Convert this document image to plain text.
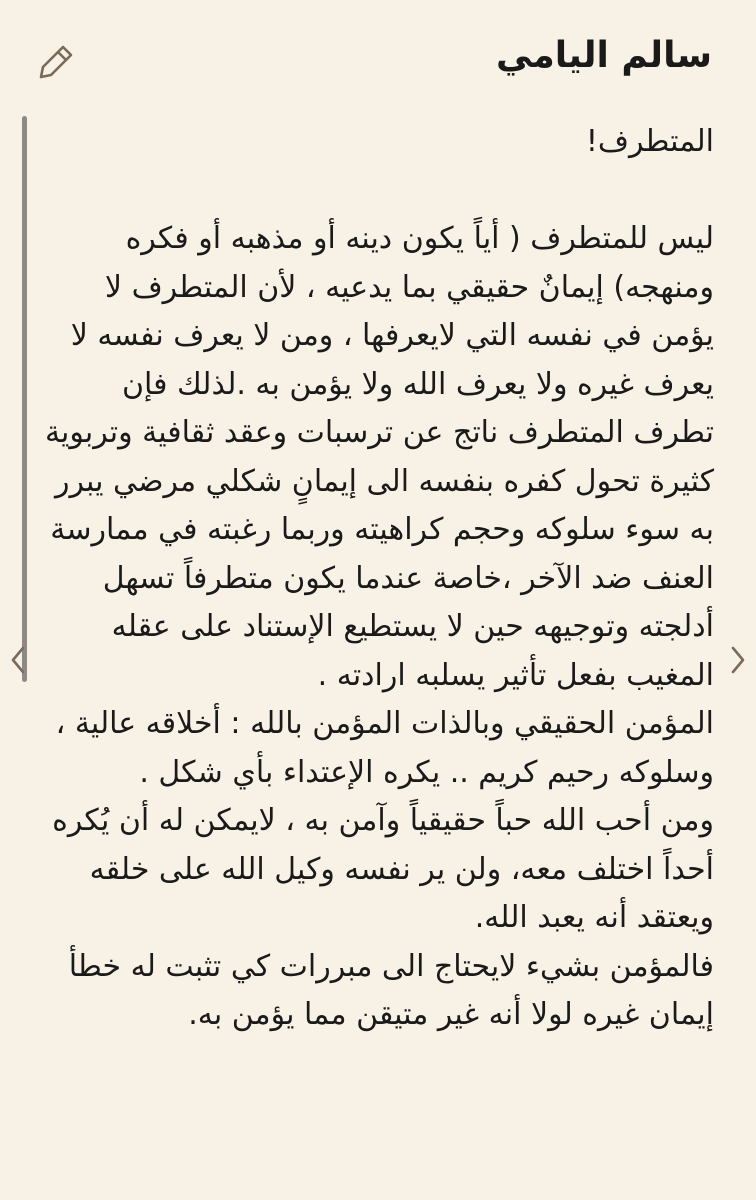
سالم اليامي

المتطرف!

ليس للمتطرف ( أياً يكون دينه أو مذهبه أو فكره ومنهجه) إيمانٌ حقيقي بما يدعيه ، لأن المتطرف لا يؤمن في نفسه التي لايعرفها ، ومن لا يعرف نفسه لا يعرف غيره ولا يعرف الله ولا يؤمن به .لذلك فإن تطرف المتطرف ناتج عن ترسبات وعقد ثقافية وتربوية كثيرة تحول كفره بنفسه الى إيمانٍ شكلي مرضي يبرر به سوء سلوكه وحجم كراهيته وربما رغبته في ممارسة العنف ضد الآخر ،خاصة عندما يكون متطرفاً تسهل أدلجته وتوجيهه حين لا يستطيع الإستناد على عقله المغيب بفعل تأثير يسلبه ارادته .
المؤمن الحقيقي وبالذات المؤمن بالله : أخلاقه عالية ، وسلوكه رحيم كريم .. يكره الإعتداء بأي شكل .
ومن أحب الله حباً حقيقياً وآمن به ، لايمكن له أن يُكره أحداً اختلف معه، ولن ير نفسه وكيل الله على خلقه ويعتقد أنه يعبد الله.
فالمؤمن بشيء لايحتاج الى مبررات كي تثبت له خطأ إيمان غيره لولا أنه غير متيقن مما يؤمن به.
